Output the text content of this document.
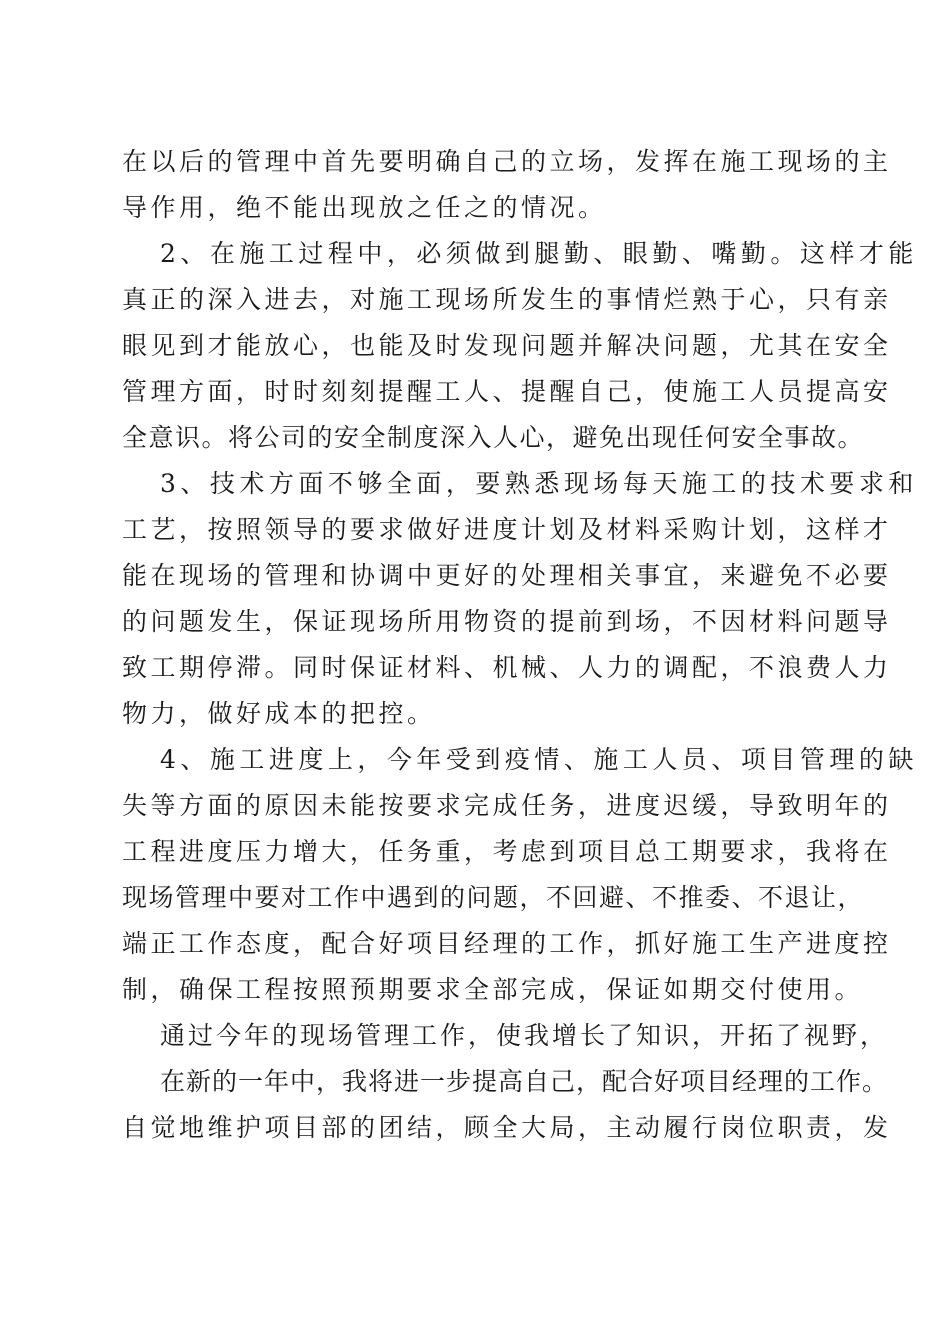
在以后的管理中首先要明确自己的立场，发挥在施工现场的主
导作用，绝不能出现放之任之的情况。
2、在施工过程中，必须做到腿勤、眼勤、嘴勤。这样才能
真正的深入进去，对施工现场所发生的事情烂熟于心，只有亲
眼见到才能放心，也能及时发现问题并解决问题，尤其在安全
管理方面，时时刻刻提醒工人、提醒自己，使施工人员提高安
全意识。将公司的安全制度深入人心，避免出现任何安全事故。
3、技术方面不够全面，要熟悉现场每天施工的技术要求和
工艺，按照领导的要求做好进度计划及材料采购计划，这样才
能在现场的管理和协调中更好的处理相关事宜，来避免不必要
的问题发生，保证现场所用物资的提前到场，不因材料问题导
致工期停滞。同时保证材料、机械、人力的调配，不浪费人力
物力，做好成本的把控。
4、施工进度上，今年受到疫情、施工人员、项目管理的缺
失等方面的原因未能按要求完成任务，进度迟缓，导致明年的
工程进度压力增大，任务重，考虑到项目总工期要求，我将在
现场管理中要对工作中遇到的问题，不回避、不推委、不退让，
端正工作态度，配合好项目经理的工作，抓好施工生产进度控
制，确保工程按照预期要求全部完成，保证如期交付使用。
通过今年的现场管理工作，使我增长了知识，开拓了视野，
在新的一年中，我将进一步提高自己，配合好项目经理的工作。
自觉地维护项目部的团结，顾全大局，主动履行岗位职责，发
